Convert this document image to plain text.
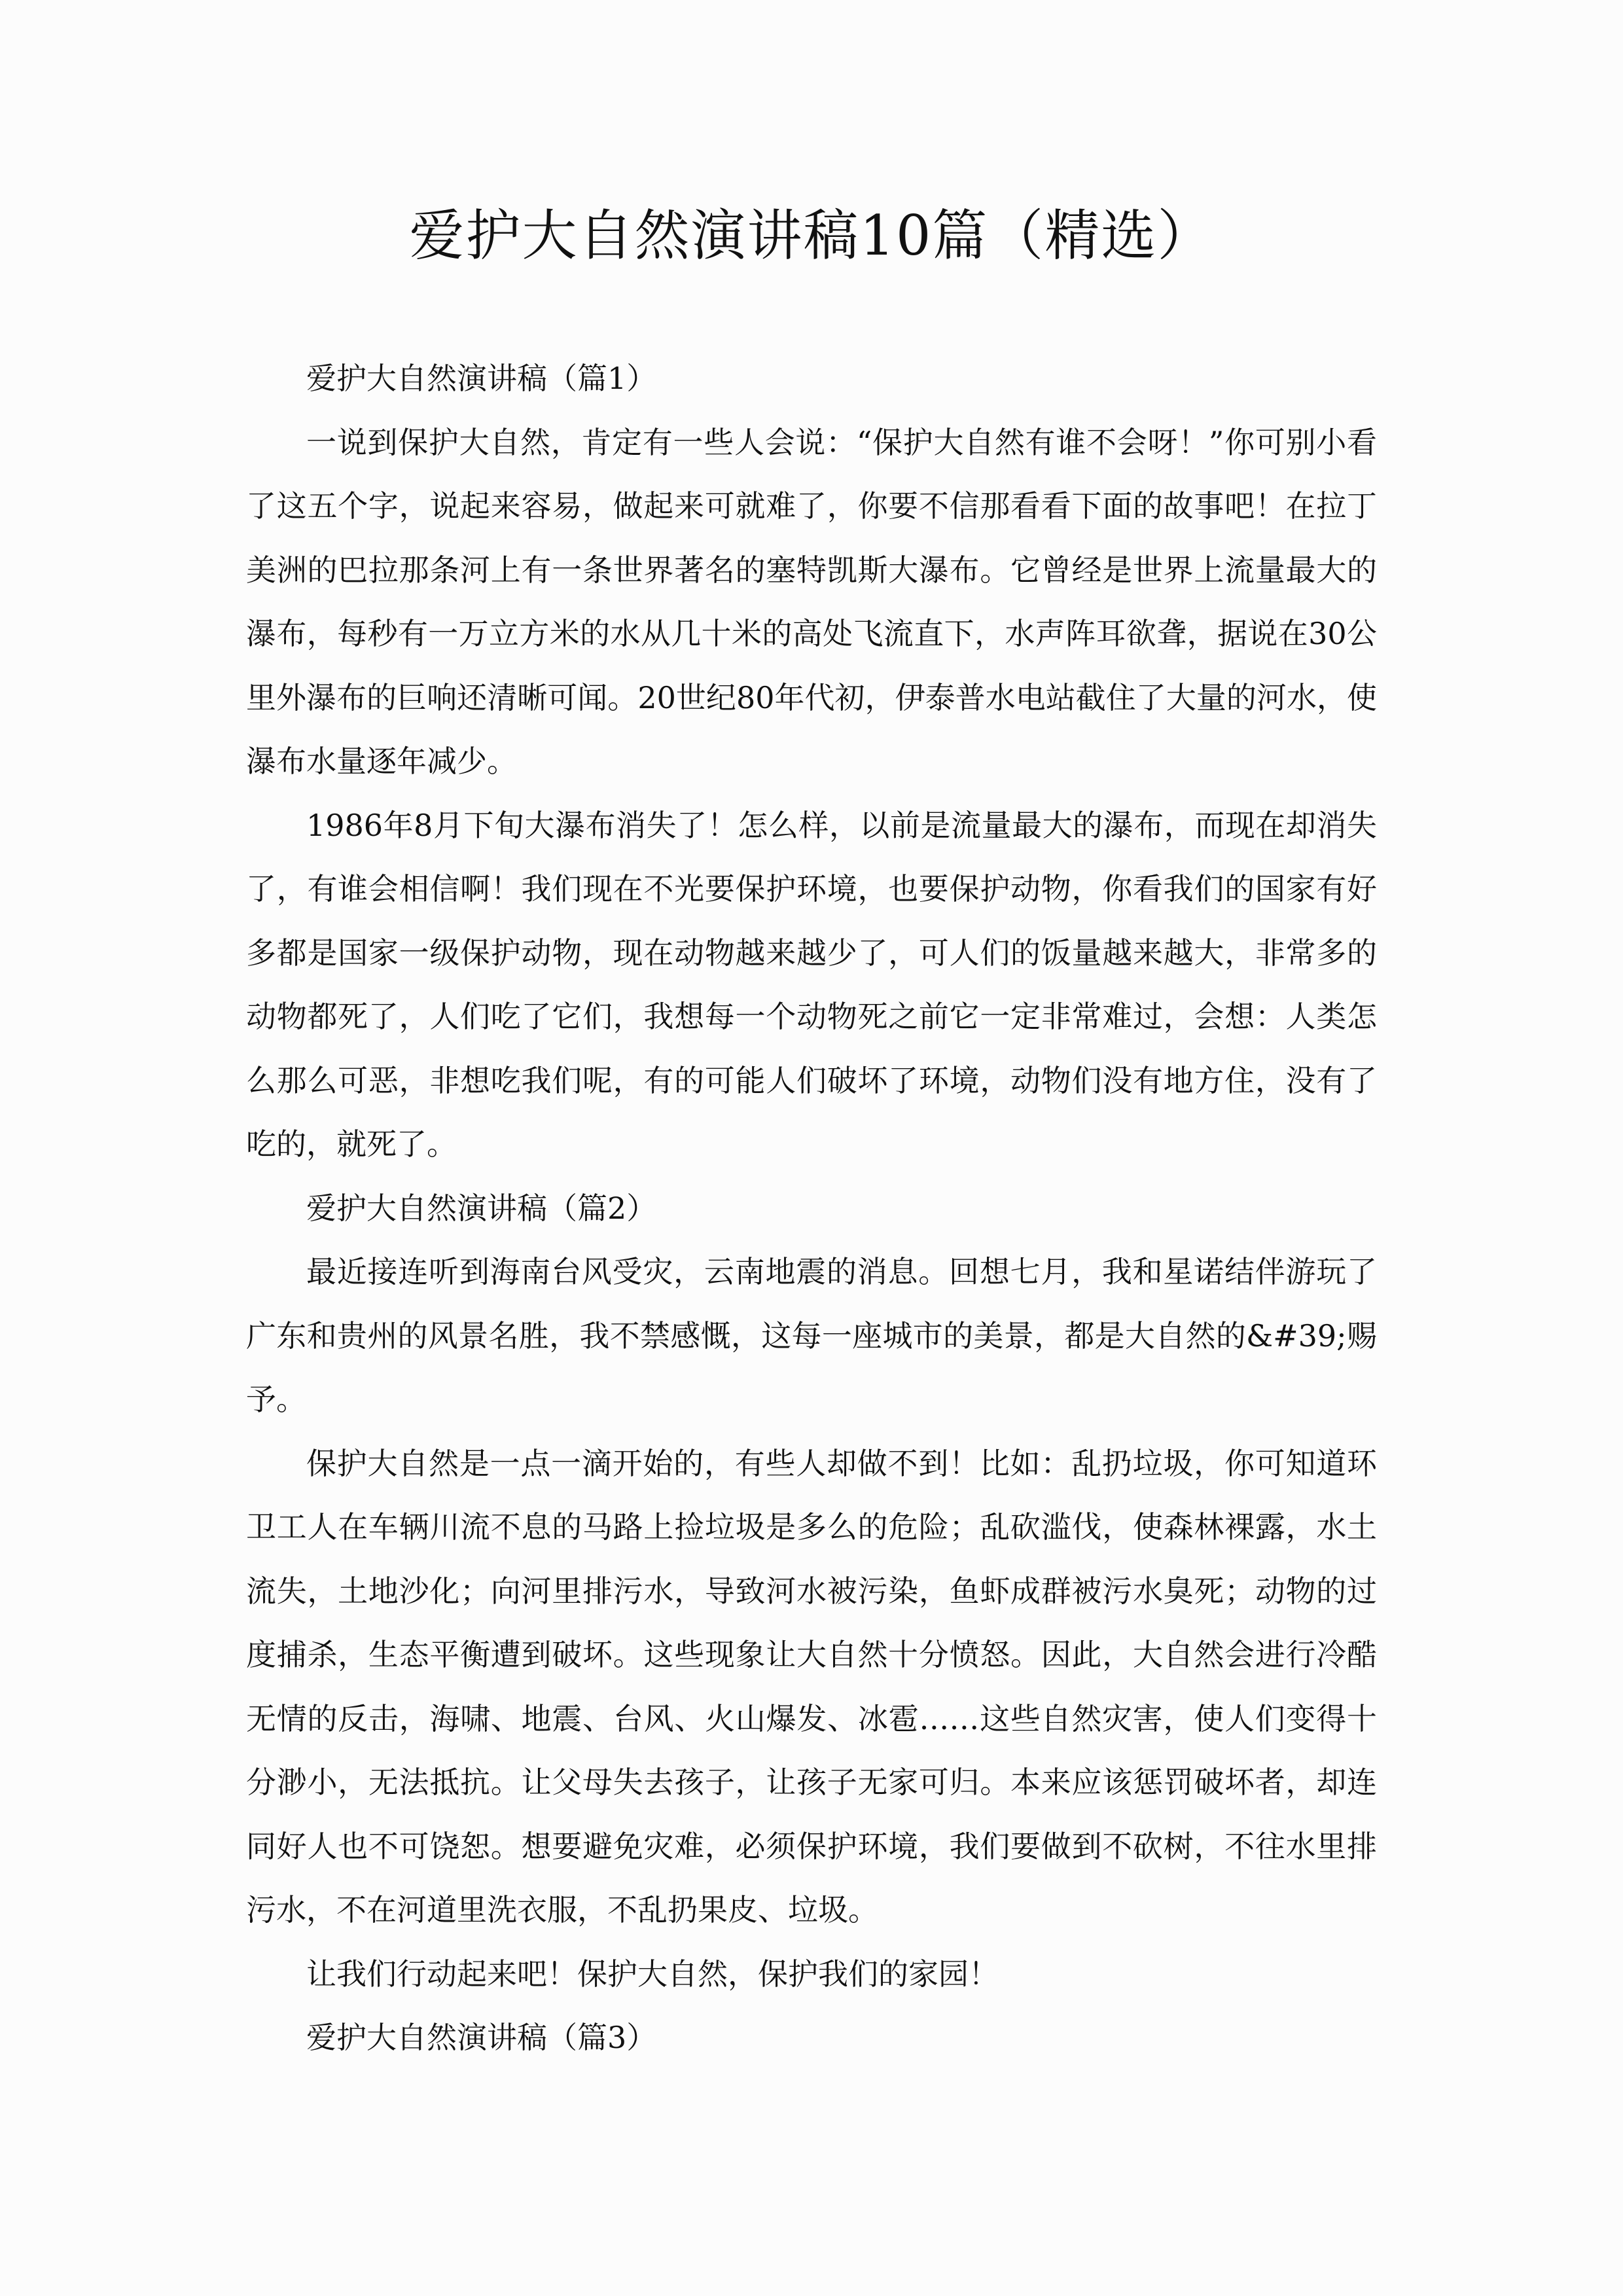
爱护大自然演讲稿10篇（精选）

爱护大自然演讲稿（篇1）

一说到保护大自然，肯定有一些人会说：“保护大自然有谁不会呀！”你可别小看了这五个字，说起来容易，做起来可就难了，你要不信那看看下面的故事吧！在拉丁美洲的巴拉那条河上有一条世界著名的塞特凯斯大瀑布。它曾经是世界上流量最大的瀑布，每秒有一万立方米的水从几十米的高处飞流直下，水声阵耳欲聋，据说在30公里外瀑布的巨响还清晰可闻。20世纪80年代初，伊泰普水电站截住了大量的河水，使瀑布水量逐年减少。

1986年8月下旬大瀑布消失了！怎么样，以前是流量最大的瀑布，而现在却消失了，有谁会相信啊！我们现在不光要保护环境，也要保护动物，你看我们的国家有好多都是国家一级保护动物，现在动物越来越少了，可人们的饭量越来越大，非常多的动物都死了，人们吃了它们，我想每一个动物死之前它一定非常难过，会想：人类怎么那么可恶，非想吃我们呢，有的可能人们破坏了环境，动物们没有地方住，没有了吃的，就死了。

爱护大自然演讲稿（篇2）

最近接连听到海南台风受灾，云南地震的消息。回想七月，我和星诺结伴游玩了广东和贵州的风景名胜，我不禁感慨，这每一座城市的美景，都是大自然的&#39;赐予。

保护大自然是一点一滴开始的，有些人却做不到！比如：乱扔垃圾，你可知道环卫工人在车辆川流不息的马路上捡垃圾是多么的危险；乱砍滥伐，使森林裸露，水土流失，土地沙化；向河里排污水，导致河水被污染，鱼虾成群被污水臭死；动物的过度捕杀，生态平衡遭到破坏。这些现象让大自然十分愤怒。因此，大自然会进行冷酷无情的反击，海啸、地震、台风、火山爆发、冰雹……这些自然灾害，使人们变得十分渺小，无法抵抗。让父母失去孩子，让孩子无家可归。本来应该惩罚破坏者，却连同好人也不可饶恕。想要避免灾难，必须保护环境，我们要做到不砍树，不往水里排污水，不在河道里洗衣服，不乱扔果皮、垃圾。

让我们行动起来吧！保护大自然，保护我们的家园！

爱护大自然演讲稿（篇3）
